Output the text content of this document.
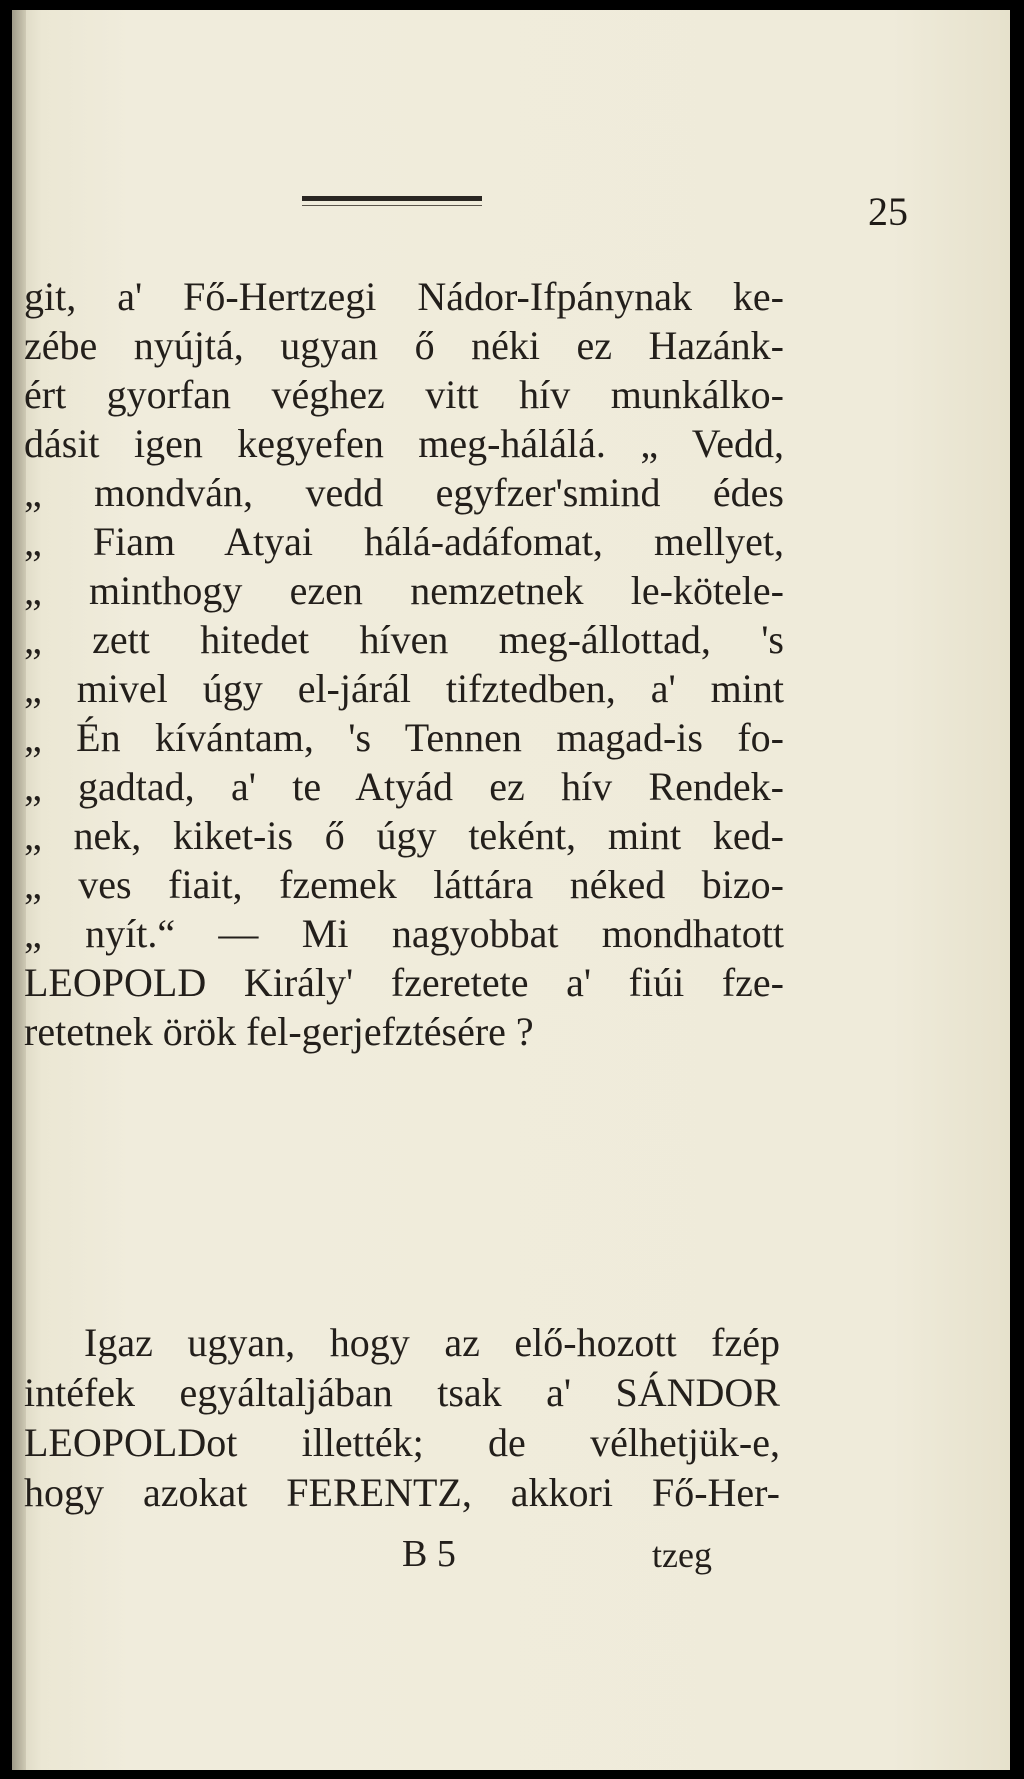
25
git, a' Fő-Hertzegi Nádor-Ifpánynak ke-
zébe nyújtá, ugyan ő néki ez Hazánk-
ért gyorfan véghez vitt hív munkálko-
dásit igen kegyefen meg-hálálá. „ Vedd,
„ mondván, vedd egyfzer'smind édes
„ Fiam Atyai hálá-adáfomat, mellyet,
„ minthogy ezen nemzetnek le-kötele-
„ zett hitedet híven meg-állottad, 's
„ mivel úgy el-járál tifztedben, a' mint
„ Én kívántam, 's Tennen magad-is fo-
„ gadtad, a' te Atyád ez hív Rendek-
„ nek, kiket-is ő úgy teként, mint ked-
„ ves fiait, fzemek láttára néked bizo-
„ nyít.“ — Mi nagyobbat mondhatott
LEOPOLD Király' fzeretete a' fiúi fze-
retetnek örök fel-gerjefztésére ?
Igaz ugyan, hogy az elő-hozott fzép
intéfek egyáltaljában tsak a' SÁNDOR
LEOPOLDot illették; de vélhetjük-e,
hogy azokat FERENTZ, akkori Fő-Her-
B 5	tzeg
